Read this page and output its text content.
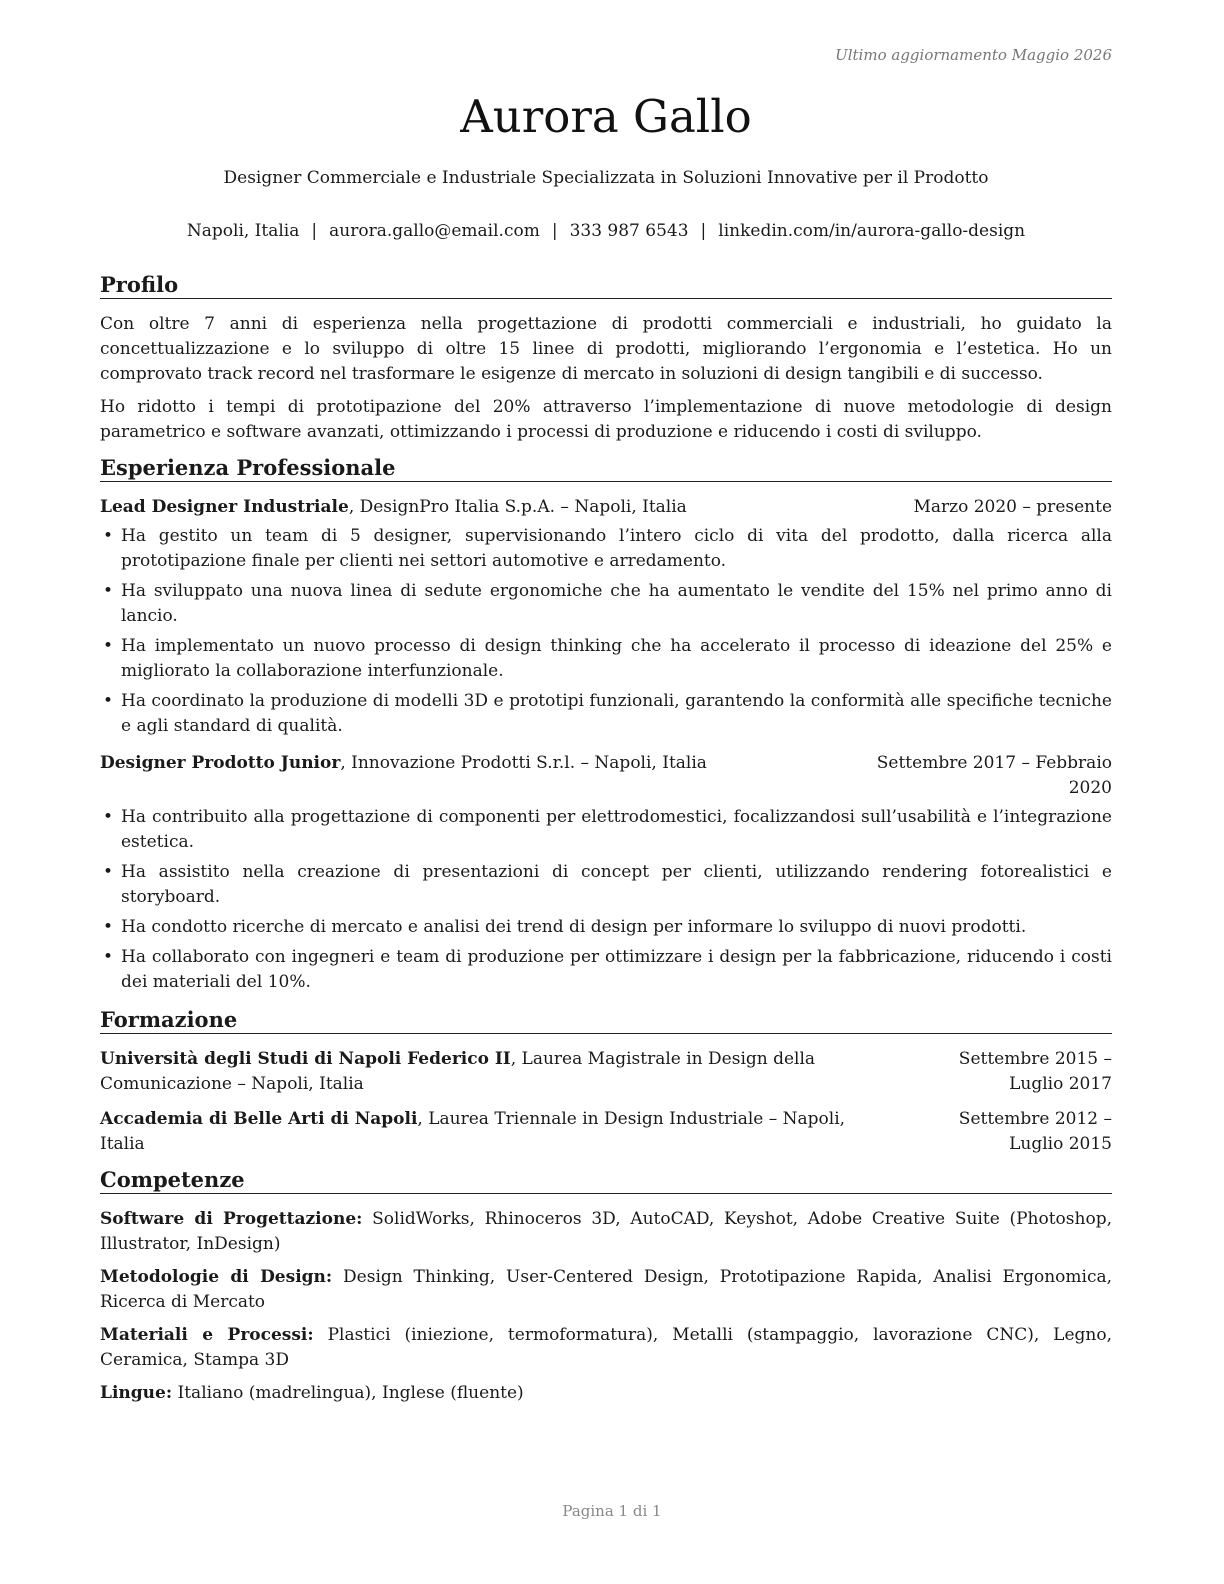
Ultimo aggiornamento Maggio 2026
Aurora Gallo
Designer Commerciale e Industriale Specializzata in Soluzioni Innovative per il Prodotto
Napoli, Italia | aurora.gallo@email.com | 333 987 6543 | linkedin.com/in/aurora-gallo-design
Profilo

Con oltre 7 anni di esperienza nella progettazione di prodotti commerciali e industriali, ho guidato la concettualizzazione e lo sviluppo di oltre 15 linee di prodotti, migliorando l’ergonomia e l’estetica. Ho un comprovato track record nel trasformare le esigenze di mercato in soluzioni di design tangibili e di successo.

Ho ridotto i tempi di prototipazione del 20% attraverso l’implementazione di nuove metodologie di design parametrico e software avanzati, ottimizzando i processi di produzione e riducendo i costi di sviluppo.

Esperienza Professionale
Lead Designer Industriale, DesignPro Italia S.p.A. – Napoli, Italia	Marzo 2020 – presente
• Ha gestito un team di 5 designer, supervisionando l’intero ciclo di vita del prodotto, dalla ricerca alla prototipazione finale per clienti nei settori automotive e arredamento.
• Ha sviluppato una nuova linea di sedute ergonomiche che ha aumentato le vendite del 15% nel primo anno di lancio.
• Ha implementato un nuovo processo di design thinking che ha accelerato il processo di ideazione del 25% e migliorato la collaborazione interfunzionale.
• Ha coordinato la produzione di modelli 3D e prototipi funzionali, garantendo la conformità alle specifiche tecniche e agli standard di qualità.
Designer Prodotto Junior, Innovazione Prodotti S.r.l. – Napoli, Italia	Settembre 2017 – Febbraio 2020
• Ha contribuito alla progettazione di componenti per elettrodomestici, focalizzandosi sull’usabilità e l’integrazione estetica.
• Ha assistito nella creazione di presentazioni di concept per clienti, utilizzando rendering fotorealistici e storyboard.
• Ha condotto ricerche di mercato e analisi dei trend di design per informare lo sviluppo di nuovi prodotti.
• Ha collaborato con ingegneri e team di produzione per ottimizzare i design per la fabbricazione, riducendo i costi dei materiali del 10%.
Formazione
Università degli Studi di Napoli Federico II, Laurea Magistrale in Design della Comunicazione – Napoli, Italia
Settembre 2015 – Luglio 2017
Accademia di Belle Arti di Napoli, Laurea Triennale in Design Industriale – Napoli, Italia
Settembre 2012 – Luglio 2015
Competenze

Software di Progettazione: SolidWorks, Rhinoceros 3D, AutoCAD, Keyshot, Adobe Creative Suite (Photoshop, Illustrator, InDesign)

Metodologie di Design: Design Thinking, User-Centered Design, Prototipazione Rapida, Analisi Ergonomica, Ricerca di Mercato

Materiali e Processi: Plastici (iniezione, termoformatura), Metalli (stampaggio, lavorazione CNC), Legno, Ceramica, Stampa 3D

Lingue: Italiano (madrelingua), Inglese (fluente)

Pagina 1 di 1
